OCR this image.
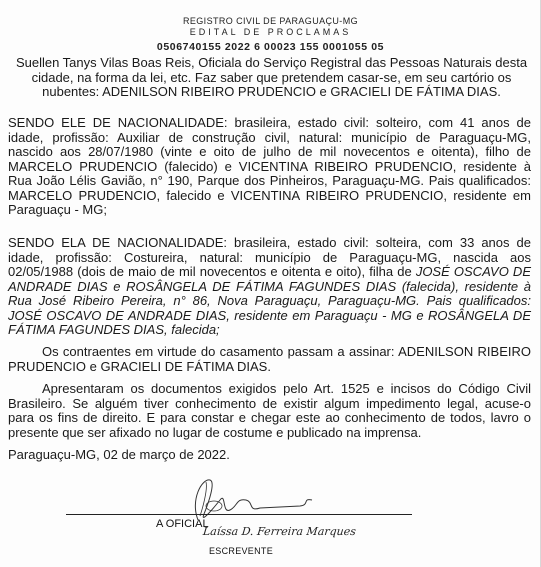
REGISTRO CIVIL DE PARAGUAÇU-MG
EDITAL DE PROCLAMAS
0506740155 2022 6 00023 155 0001055 05

Suellen Tanys Vilas Boas Reis, Oficiala do Serviço Registral das Pessoas Naturais desta cidade, na forma da lei, etc. Faz saber que pretendem casar-se, em seu cartório os nubentes: ADENILSON RIBEIRO PRUDENCIO e GRACIELI DE FÁTIMA DIAS.

SENDO ELE DE NACIONALIDADE: brasileira, estado civil: solteiro, com 41 anos de idade, profissão: Auxiliar de construção civil, natural: município de Paraguaçu-MG, nascido aos 28/07/1980 (vinte e oito de julho de mil novecentos e oitenta), filho de MARCELO PRUDENCIO (falecido) e VICENTINA RIBEIRO PRUDENCIO, residente à Rua João Lélis Gavião, n° 190, Parque dos Pinheiros, Paraguaçu-MG. Pais qualificados: MARCELO PRUDENCIO, falecido e VICENTINA RIBEIRO PRUDENCIO, residente em Paraguaçu - MG;

SENDO ELA DE NACIONALIDADE: brasileira, estado civil: solteira, com 33 anos de idade, profissão: Costureira, natural: município de Paraguaçu-MG, nascida aos 02/05/1988 (dois de maio de mil novecentos e oitenta e oito), filha de JOSÉ OSCAVO DE ANDRADE DIAS e ROSÂNGELA DE FÁTIMA FAGUNDES DIAS (falecida), residente à Rua José Ribeiro Pereira, n° 86, Nova Paraguaçu, Paraguaçu-MG. Pais qualificados: JOSÉ OSCAVO DE ANDRADE DIAS, residente em Paraguaçu - MG e ROSÂNGELA DE FÁTIMA FAGUNDES DIAS, falecida;

Os contraentes em virtude do casamento passam a assinar: ADENILSON RIBEIRO PRUDENCIO e GRACIELI DE FÁTIMA DIAS.

Apresentaram os documentos exigidos pelo Art. 1525 e incisos do Código Civil Brasileiro. Se alguém tiver conhecimento de existir algum impedimento legal, acuse-o para os fins de direito. E para constar e chegar este ao conhecimento de todos, lavro o presente que ser afixado no lugar de costume e publicado na imprensa.

Paraguaçu-MG, 02 de março de 2022.

A OFICIAL
Laíssa D. Ferreira Marques
ESCREVENTE
